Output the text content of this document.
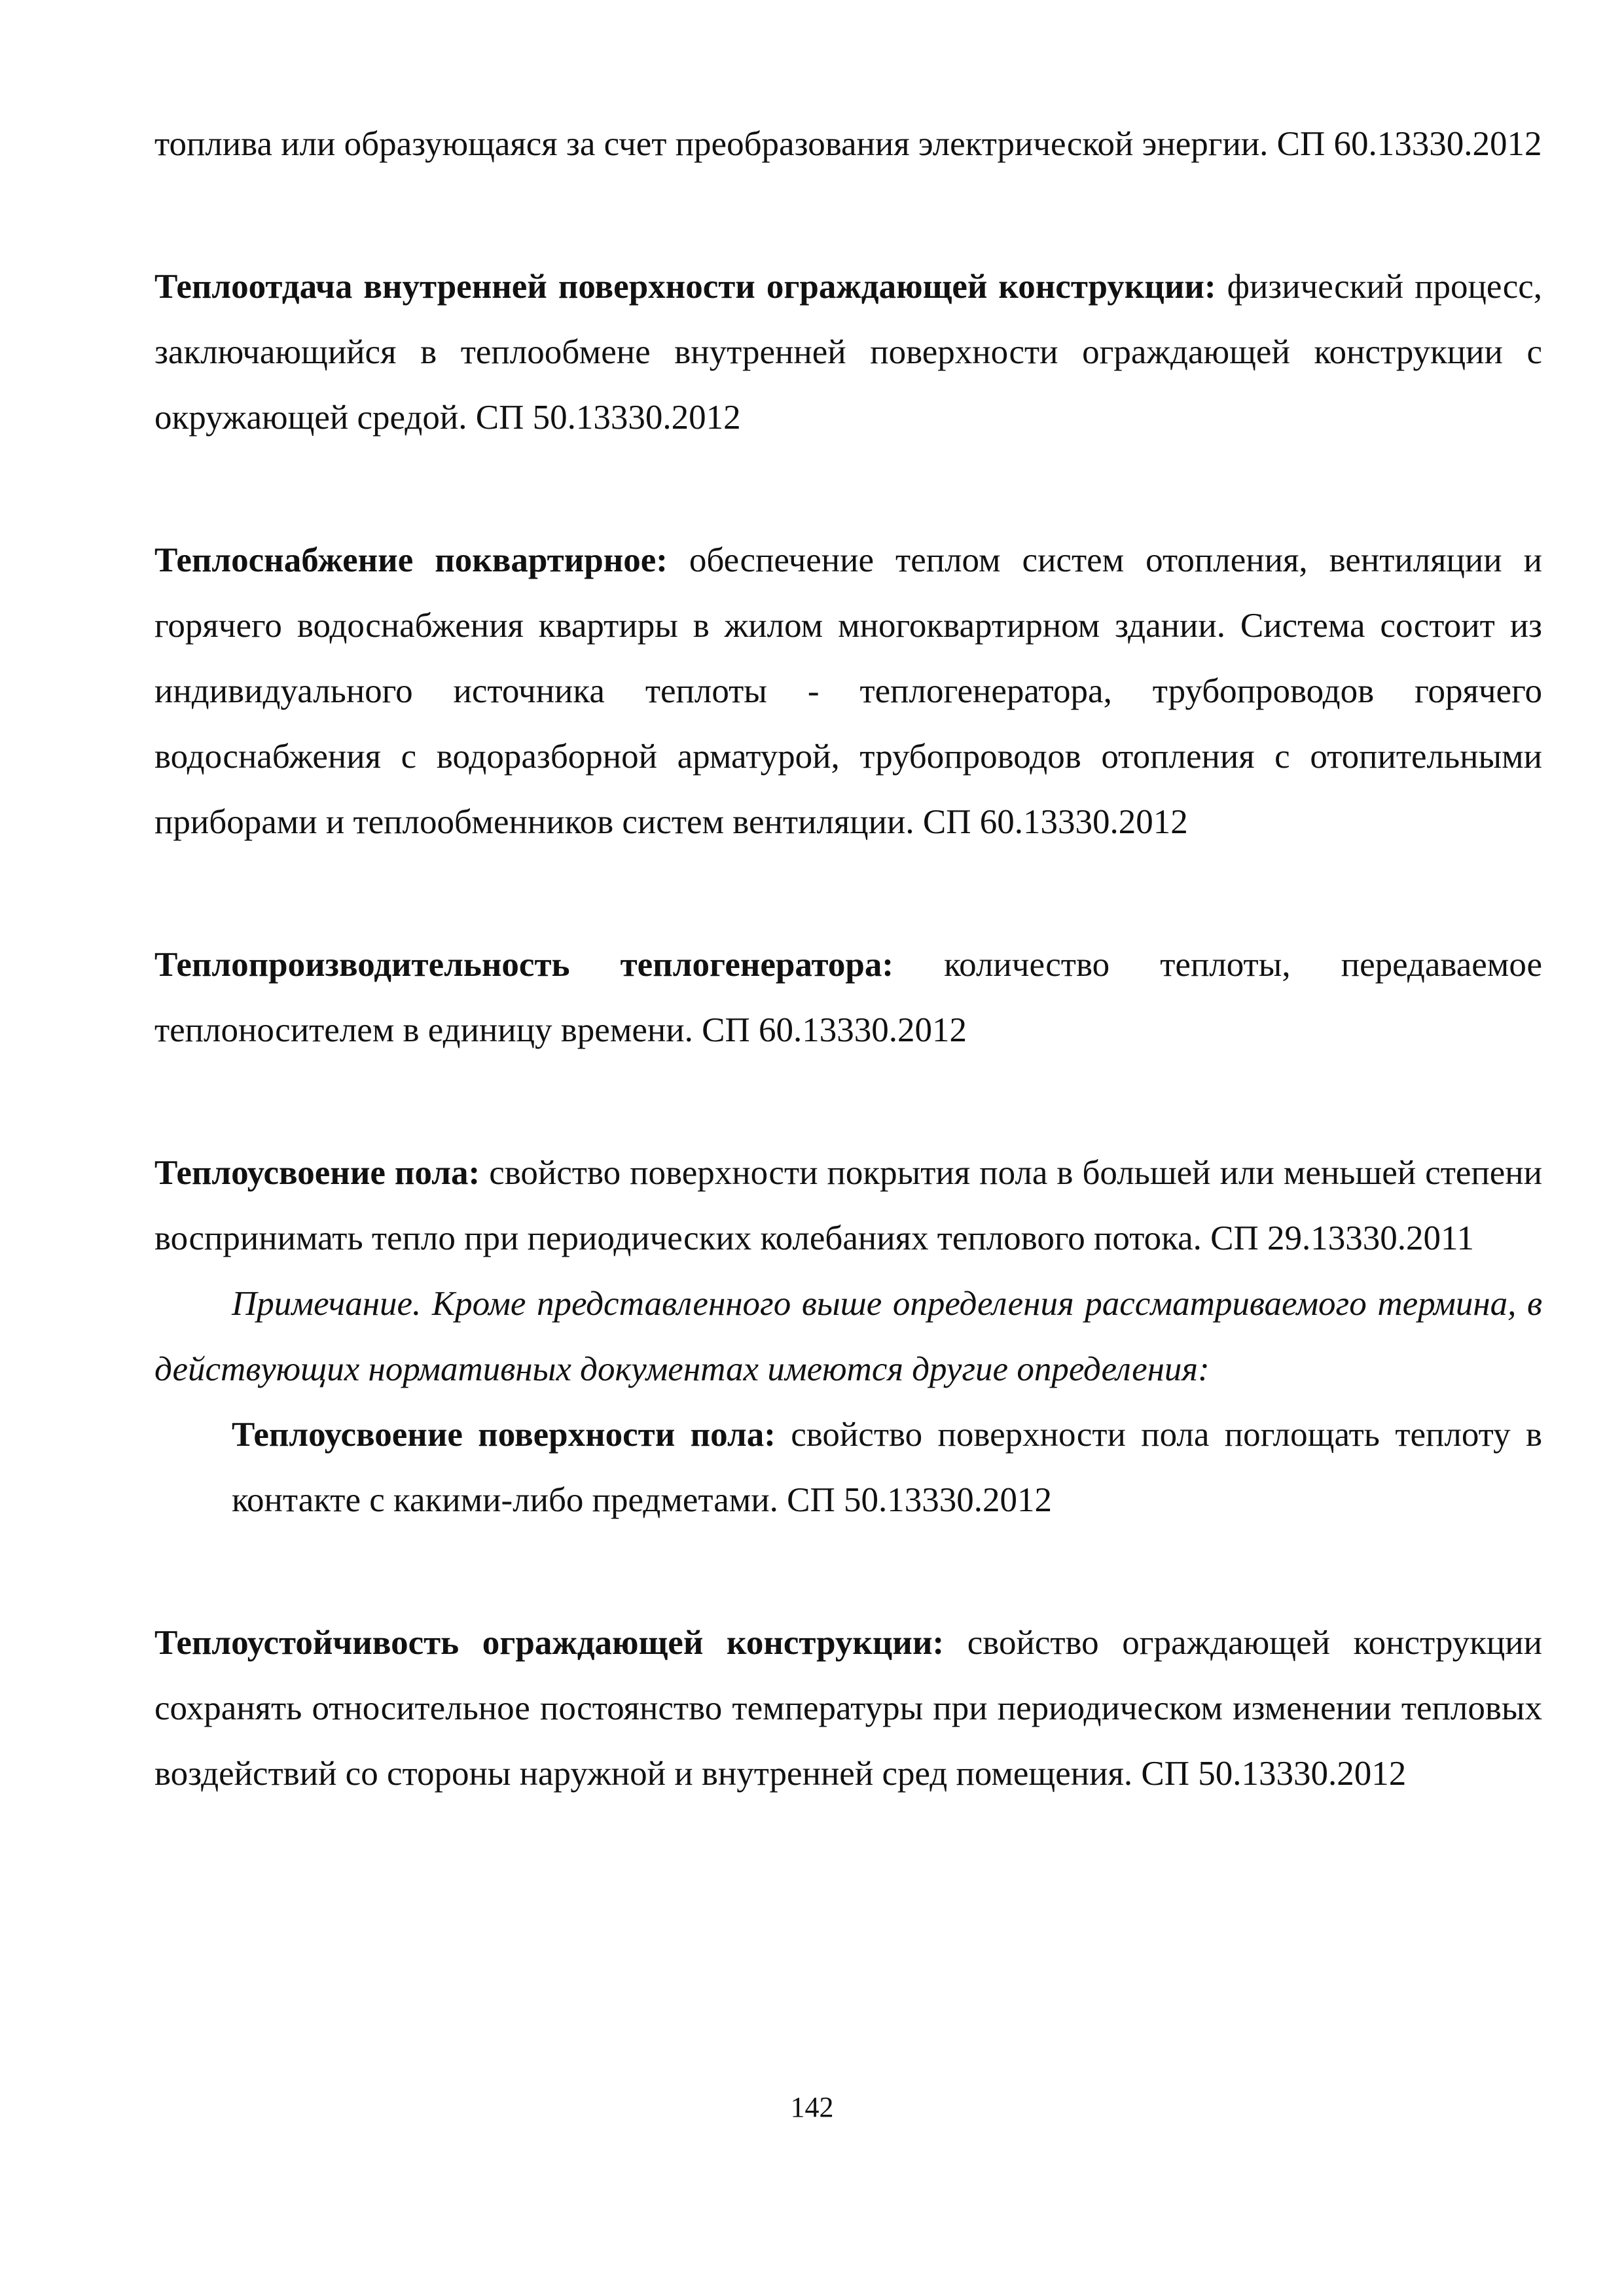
топлива или образующаяся за счет преобразования электрической энергии. СП 60.13330.2012

Теплоотдача внутренней поверхности ограждающей конструкции: физический процесс, заключающийся в теплообмене внутренней поверхности ограждающей конструкции с окружающей средой. СП 50.13330.2012

Теплоснабжение поквартирное: обеспечение теплом систем отопления, вентиляции и горячего водоснабжения квартиры в жилом многоквартирном здании. Система состоит из индивидуального источника теплоты - теплогенератора, трубопроводов горячего водоснабжения с водоразборной арматурой, трубопроводов отопления с отопительными приборами и теплообменников систем вентиляции. СП 60.13330.2012

Теплопроизводительность теплогенератора: количество теплоты, передаваемое теплоносителем в единицу времени. СП 60.13330.2012

Теплоусвоение пола: свойство поверхности покрытия пола в большей или меньшей степени воспринимать тепло при периодических колебаниях теплового потока. СП 29.13330.2011

Примечание. Кроме представленного выше определения рассматриваемого термина, в действующих нормативных документах имеются другие определения:

Теплоусвоение поверхности пола: свойство поверхности пола поглощать теплоту в контакте с какими-либо предметами. СП 50.13330.2012

Теплоустойчивость ограждающей конструкции: свойство ограждающей конструкции сохранять относительное постоянство температуры при периодическом изменении тепловых воздействий со стороны наружной и внутренней сред помещения. СП 50.13330.2012

142
